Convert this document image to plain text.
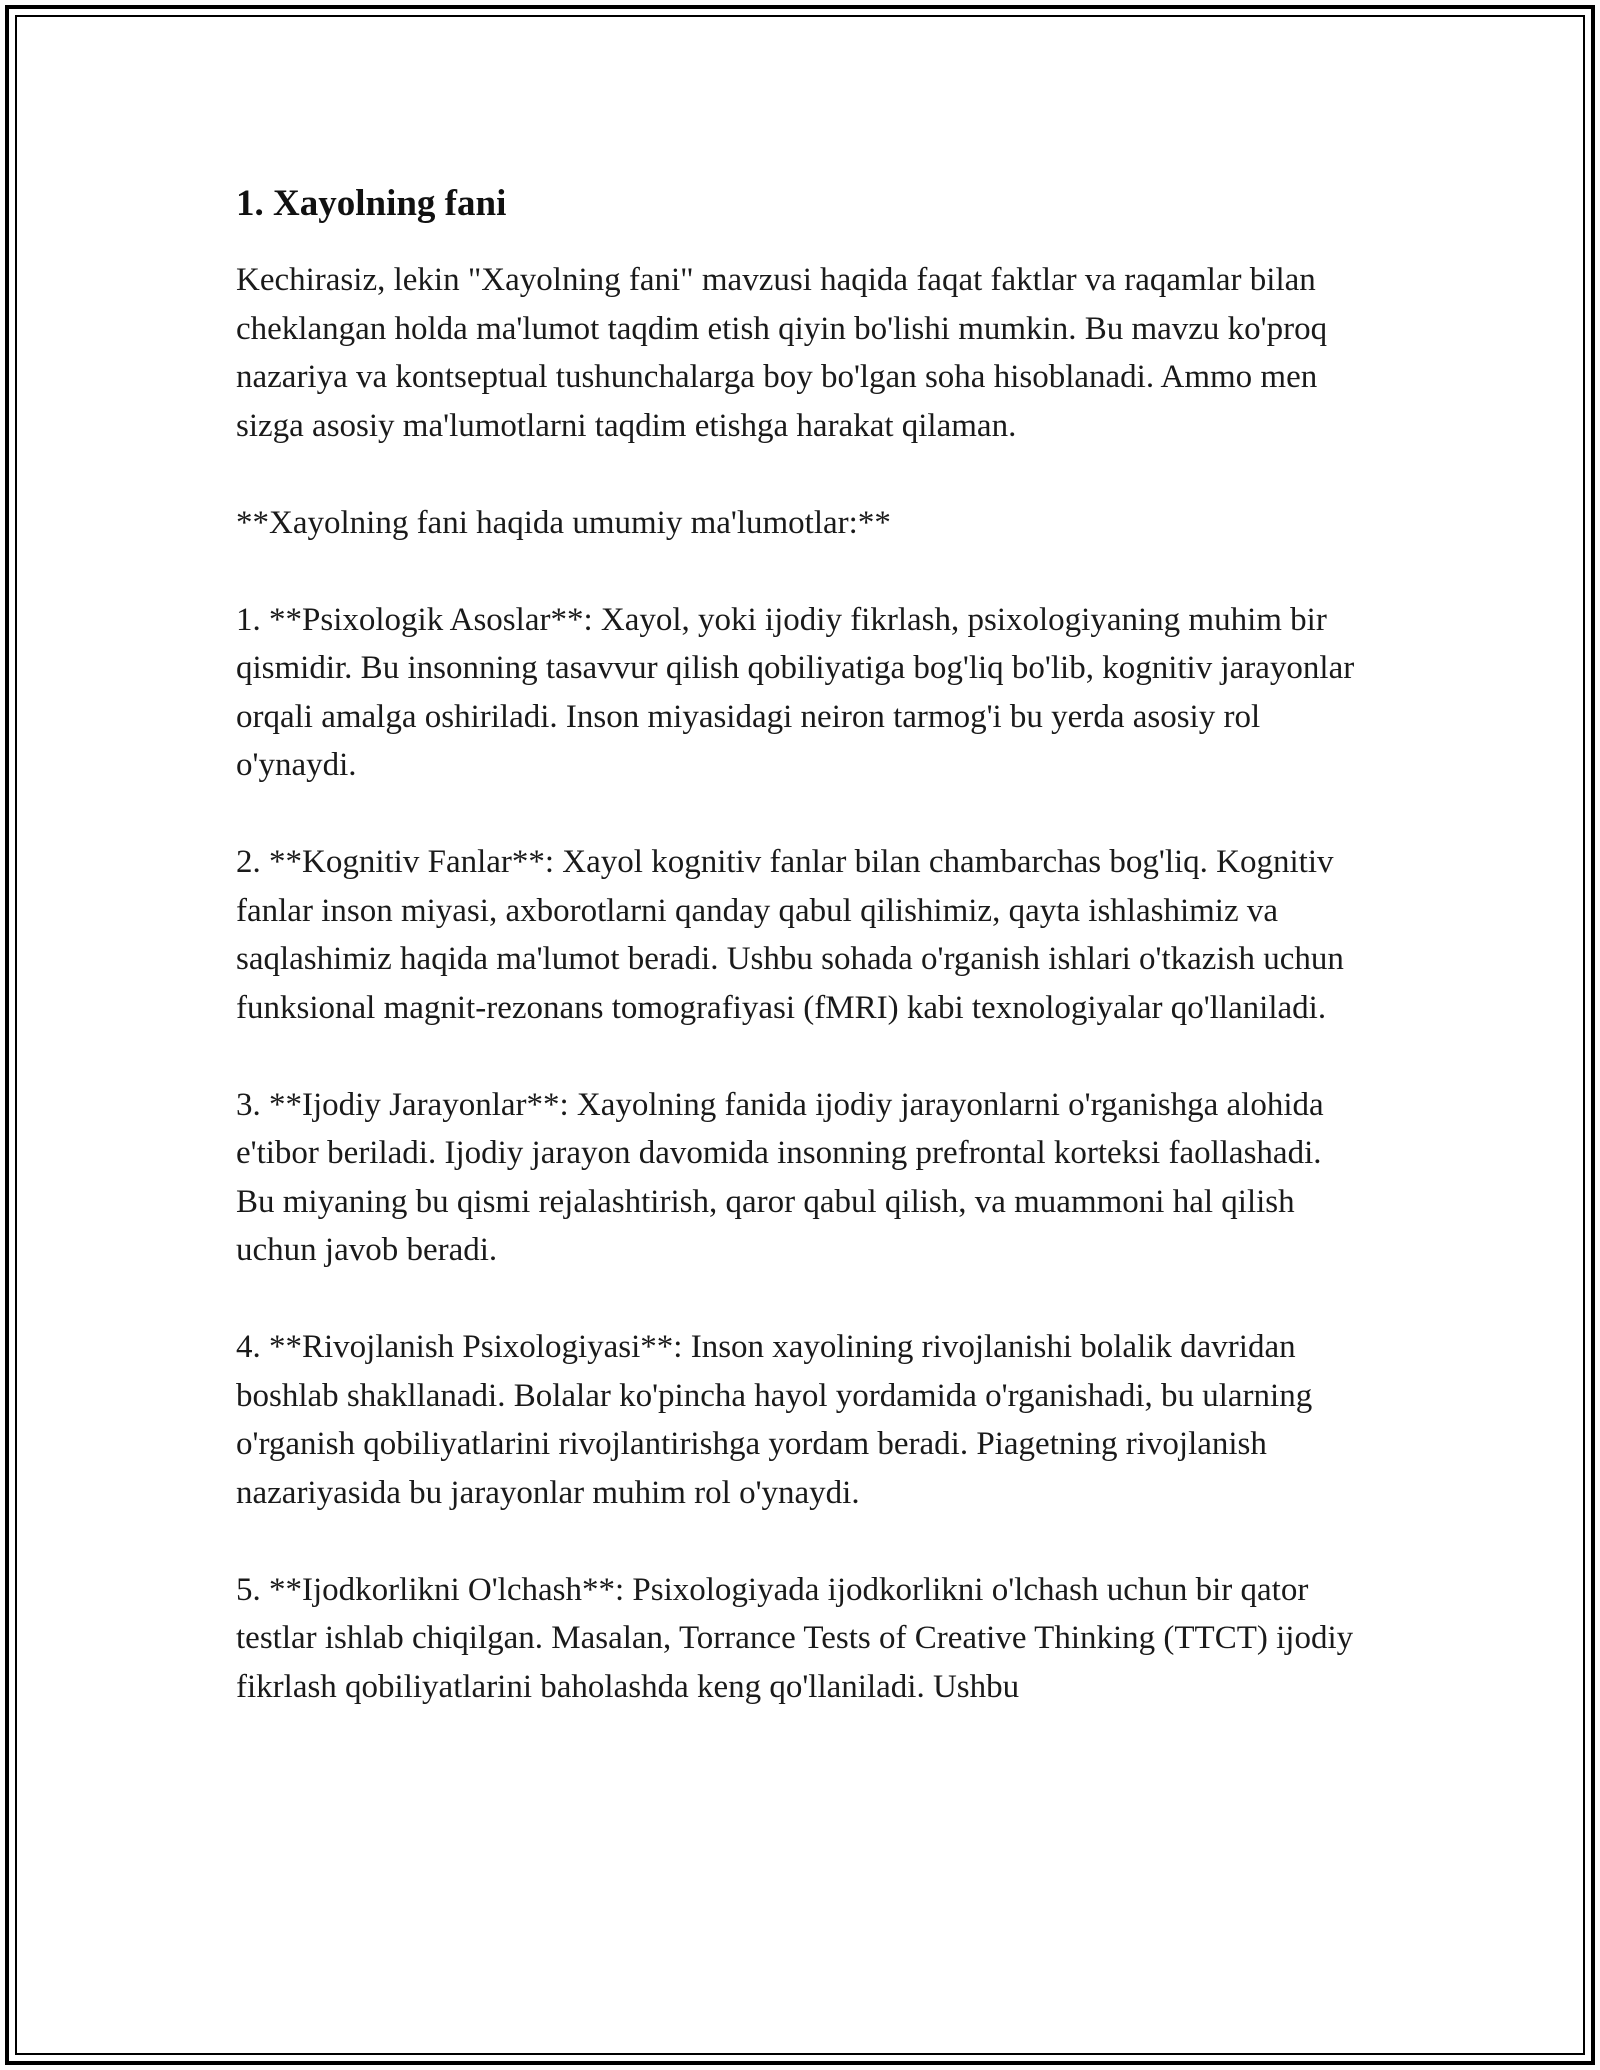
1. Xayolning fani

Kechirasiz, lekin "Xayolning fani" mavzusi haqida faqat faktlar va raqamlar bilan cheklangan holda ma'lumot taqdim etish qiyin bo'lishi mumkin. Bu mavzu ko'proq nazariya va kontseptual tushunchalarga boy bo'lgan soha hisoblanadi. Ammo men sizga asosiy ma'lumotlarni taqdim etishga harakat qilaman.

**Xayolning fani haqida umumiy ma'lumotlar:**

1. **Psixologik Asoslar**: Xayol, yoki ijodiy fikrlash, psixologiyaning muhim bir qismidir. Bu insonning tasavvur qilish qobiliyatiga bog'liq bo'lib, kognitiv jarayonlar orqali amalga oshiriladi. Inson miyasidagi neiron tarmog'i bu yerda asosiy rol o'ynaydi.

2. **Kognitiv Fanlar**: Xayol kognitiv fanlar bilan chambarchas bog'liq. Kognitiv fanlar inson miyasi, axborotlarni qanday qabul qilishimiz, qayta ishlashimiz va saqlashimiz haqida ma'lumot beradi. Ushbu sohada o'rganish ishlari o'tkazish uchun funksional magnit-rezonans tomografiyasi (fMRI) kabi texnologiyalar qo'llaniladi.

3. **Ijodiy Jarayonlar**: Xayolning fanida ijodiy jarayonlarni o'rganishga alohida e'tibor beriladi. Ijodiy jarayon davomida insonning prefrontal korteksi faollashadi. Bu miyaning bu qismi rejalashtirish, qaror qabul qilish, va muammoni hal qilish uchun javob beradi.

4. **Rivojlanish Psixologiyasi**: Inson xayolining rivojlanishi bolalik davridan boshlab shakllanadi. Bolalar ko'pincha hayol yordamida o'rganishadi, bu ularning o'rganish qobiliyatlarini rivojlantirishga yordam beradi. Piagetning rivojlanish nazariyasida bu jarayonlar muhim rol o'ynaydi.

5. **Ijodkorlikni O'lchash**: Psixologiyada ijodkorlikni o'lchash uchun bir qator testlar ishlab chiqilgan. Masalan, Torrance Tests of Creative Thinking (TTCT) ijodiy fikrlash qobiliyatlarini baholashda keng qo'llaniladi. Ushbu
